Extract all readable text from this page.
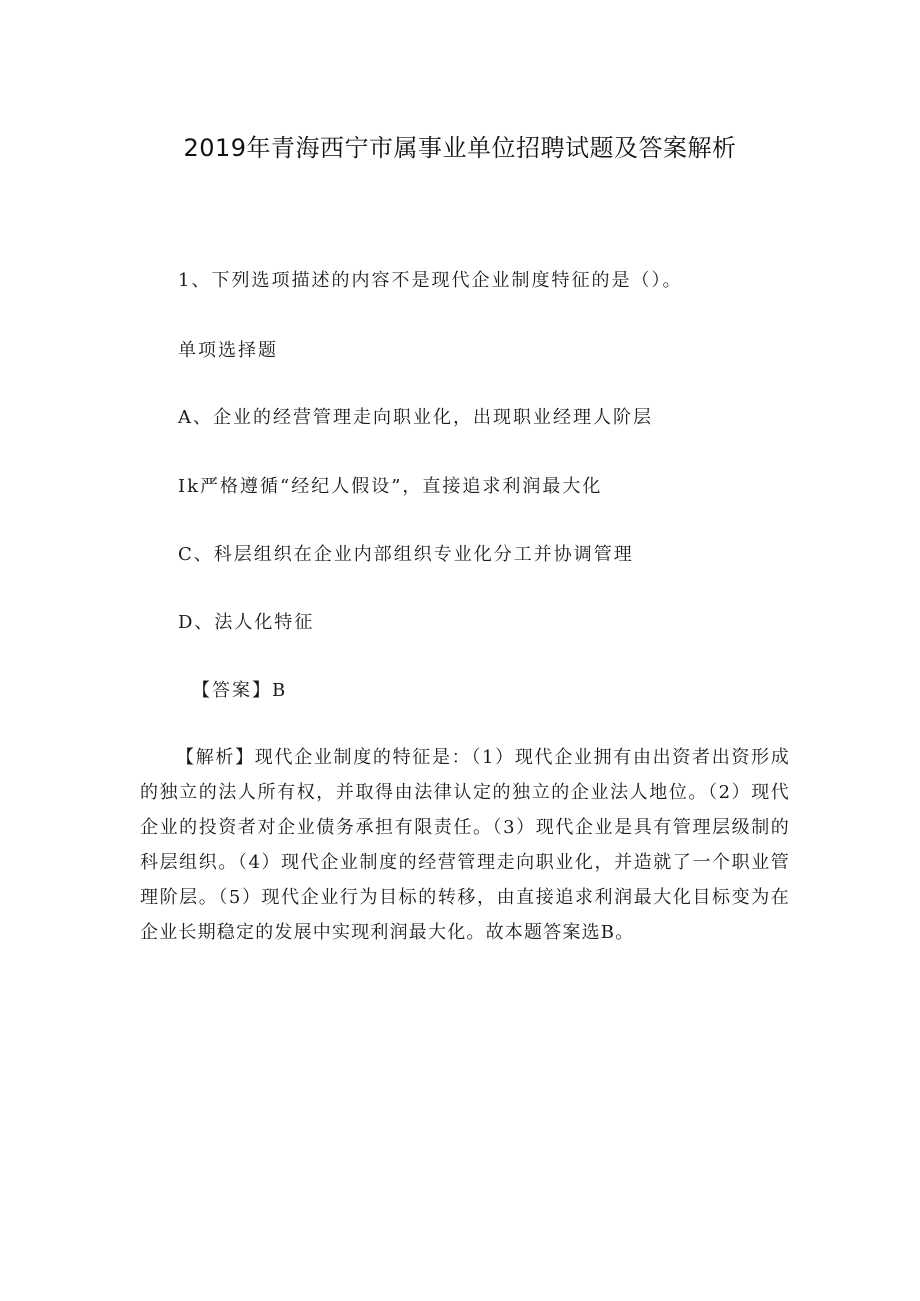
2019年青海西宁市属事业单位招聘试题及答案解析

1、下列选项描述的内容不是现代企业制度特征的是（）。

单项选择题

A、企业的经营管理走向职业化，出现职业经理人阶层

Ik严格遵循“经纪人假设”，直接追求利润最大化

C、科层组织在企业内部组织专业化分工并协调管理

D、法人化特征

【答案】B

【解析】现代企业制度的特征是：（1）现代企业拥有由出资者出资形成的独立的法人所有权，并取得由法律认定的独立的企业法人地位。（2）现代企业的投资者对企业债务承担有限责任。（3）现代企业是具有管理层级制的科层组织。（4）现代企业制度的经营管理走向职业化，并造就了一个职业管理阶层。（5）现代企业行为目标的转移，由直接追求利润最大化目标变为在企业长期稳定的发展中实现利润最大化。故本题答案选B。
